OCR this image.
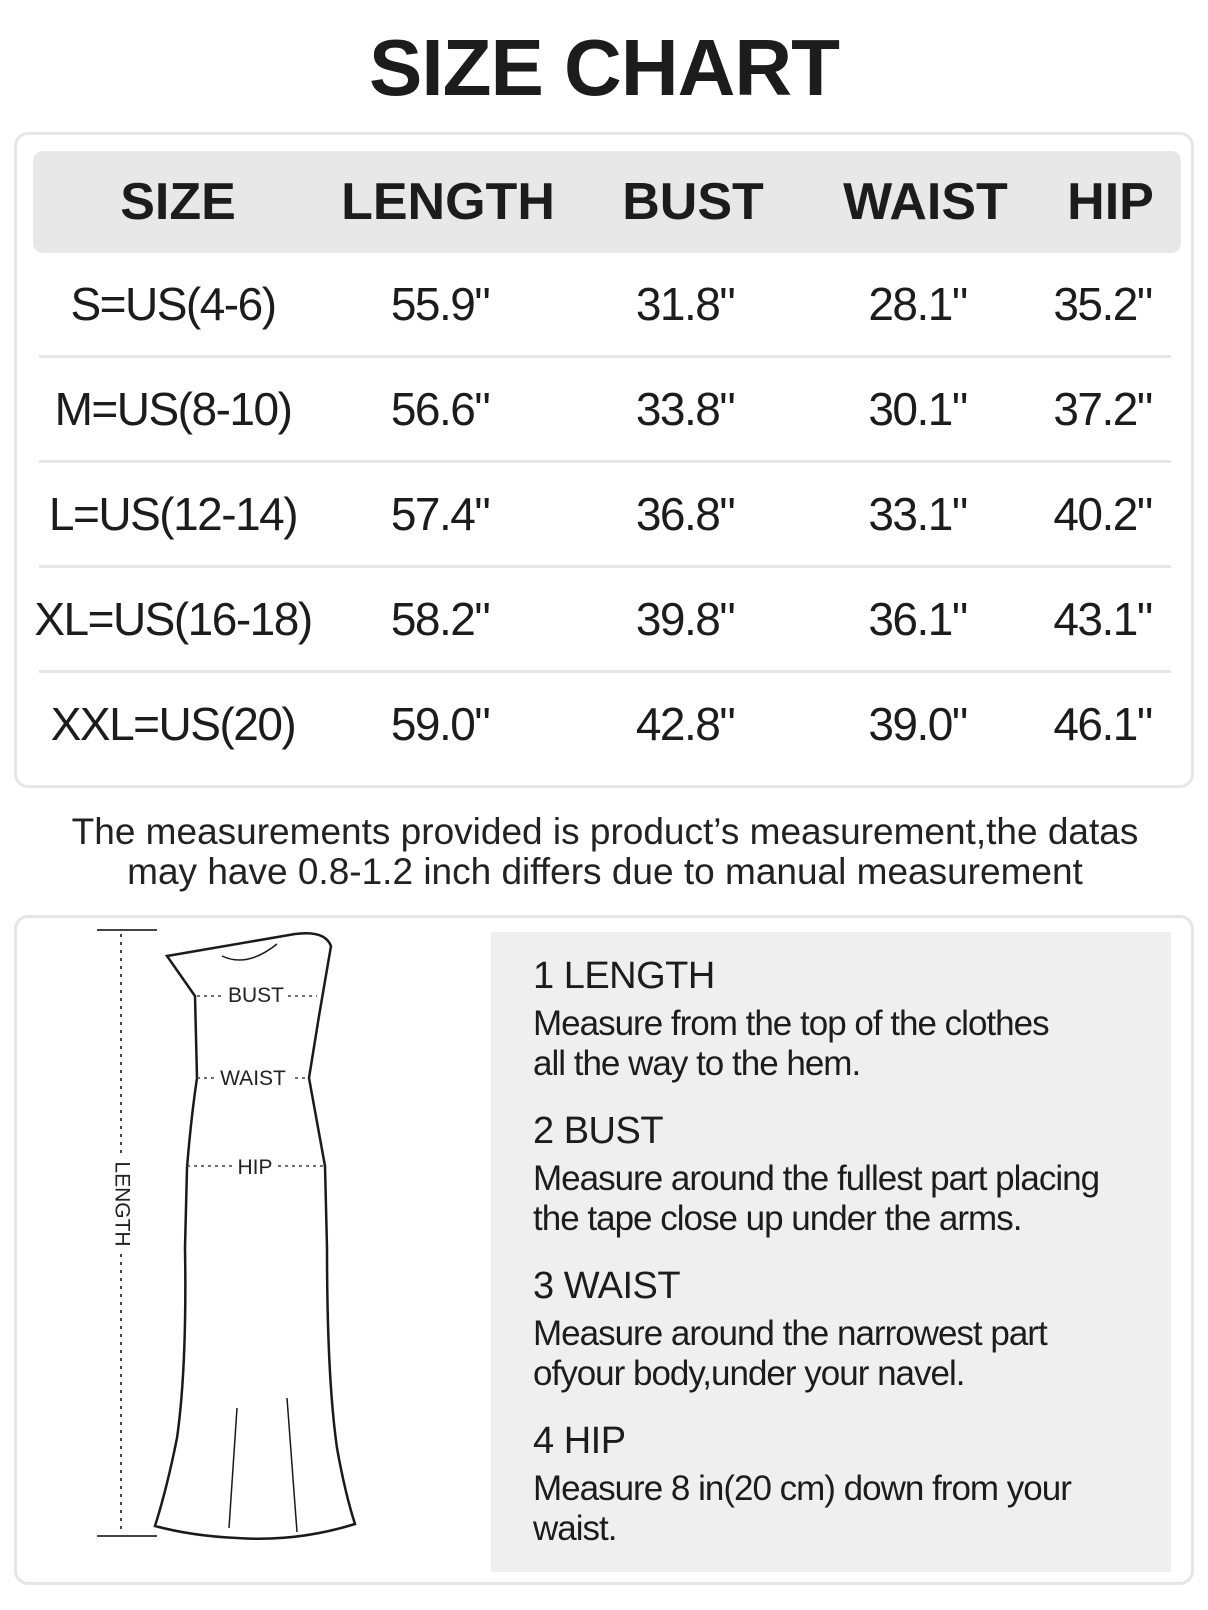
SIZE CHART
SIZE	LENGTH	BUST	WAIST	HIP
S=US(4-6)	55.9"	31.8"	28.1"	35.2"
M=US(8-10)	56.6"	33.8"	30.1"	37.2"
L=US(12-14)	57.4"	36.8"	33.1"	40.2"
XL=US(16-18)	58.2"	39.8"	36.1"	43.1"
XXL=US(20)	59.0"	42.8"	39.0"	46.1"
The measurements provided is product’s measurement,the datas
may have 0.8-1.2 inch differs due to manual measurement
LENGTH
BUST
WAIST
HIP
1 LENGTH
Measure from the top of the clothes
all the way to the hem.
2 BUST
Measure around the fullest part placing
the tape close up under the arms.
3 WAIST
Measure around the narrowest part
ofyour body,under your navel.
4 HIP
Measure 8 in(20 cm) down from your
waist.
